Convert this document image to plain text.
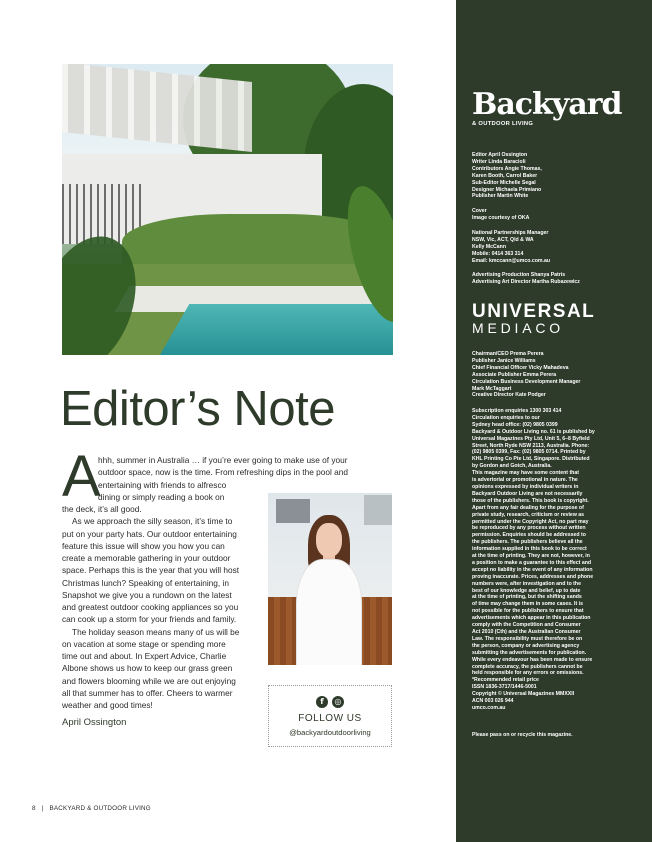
Editor’s Note
A

hhh, summer in Australia … if you’re ever going to make use of your

outdoor space, now is the time. From refreshing dips in the pool and

entertaining with friends to alfresco

dining or simply reading a book on

the deck, it’s all good.

As we approach the silly season, it’s time to

put on your party hats. Our outdoor entertaining

feature this issue will show you how you can

create a memorable gathering in your outdoor

space. Perhaps this is the year that you will host

Christmas lunch? Speaking of entertaining, in

Snapshot we give you a rundown on the latest

and greatest outdoor cooking appliances so you

can cook up a storm for your friends and family.

The holiday season means many of us will be

on vacation at some stage or spending more

time out and about. In Expert Advice, Charlie

Albone shows us how to keep our grass green

and flowers blooming while we are out enjoying

all that summer has to offer. Cheers to warmer

weather and good times!

April Ossington
f	◎
FOLLOW US
@backyardoutdoorliving
8 | BACKYARD & OUTDOOR LIVING
Backyard
& OUTDOOR LIVING

Editor April Ossington

Writer Linda Baracioli

Contributors Angie Thomas,

Karen Booth, Carrol Baker

Sub-Editor Michelle Segal

Designer Michaela Primiano

Publisher Martin White

Cover

Image courtesy of OKA

National Partnerships Manager

NSW, Vic, ACT, Qld & WA

Kelly McCann

Mobile: 0414 363 314

Email: kmccann@umco.com.au

Advertising Production Shanya Patris

Advertising Art Director Martha Rubazewicz

UNIVERSAL
MEDIACO

Chairman/CEO Prema Perera

Publisher Janice Williams

Chief Financial Officer Vicky Mahadeva

Associate Publisher Emma Perera

Circulation Business Development Manager

Mark McTaggart

Creative Director Kate Podger

Subscription enquiries 1300 303 414

Circulation enquiries to our

Sydney head office: (02) 9805 0399

Backyard & Outdoor Living no. 61 is published by

Universal Magazines Pty Ltd, Unit 5, 6–8 Byfield

Street, North Ryde NSW 2113, Australia. Phone:

(02) 9805 0399, Fax: (02) 9805 0714. Printed by

KHL Printing Co Pte Ltd, Singapore. Distributed

by Gordon and Gotch, Australia.

This magazine may have some content that

is advertorial or promotional in nature. The

opinions expressed by individual writers in

Backyard Outdoor Living are not necessarily

those of the publishers. This book is copyright.

Apart from any fair dealing for the purpose of

private study, research, criticism or review as

permitted under the Copyright Act, no part may

be reproduced by any process without written

permission. Enquiries should be addressed to

the publishers. The publishers believe all the

information supplied in this book to be correct

at the time of printing. They are not, however, in

a position to make a guarantee to this effect and

accept no liability in the event of any information

proving inaccurate. Prices, addresses and phone

numbers were, after investigation and to the

best of our knowledge and belief, up to date

at the time of printing, but the shifting sands

of time may change them in some cases. It is

not possible for the publishers to ensure that

advertisements which appear in this publication

comply with the Competition and Consumer

Act 2010 (Cth) and the Australian Consumer

Law. The responsibility must therefore be on

the person, company or advertising agency

submitting the advertisements for publication.

While every endeavour has been made to ensure

complete accuracy, the publishers cannot be

held responsible for any errors or omissions.

*Recommended retail price

ISSN 1836-3717/1446-5001

Copyright © Universal Magazines MMXXII

ACN 003 026 944

umco.com.au

Please pass on or recycle this magazine.
